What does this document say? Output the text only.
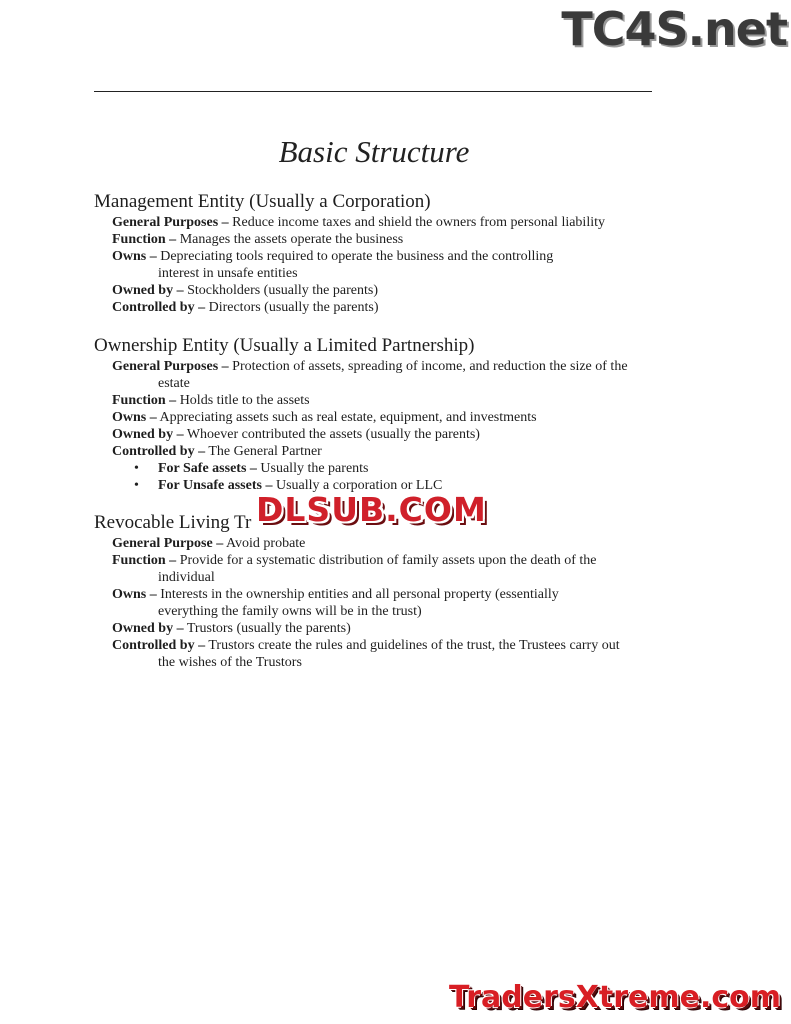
Basic Structure
Management Entity (Usually a Corporation)
General Purposes – Reduce income taxes and shield the owners from personal liability
Function – Manages the assets operate the business
Owns – Depreciating tools required to operate the business and the controlling interest in unsafe entities
Owned by – Stockholders (usually the parents)
Controlled by – Directors (usually the parents)
Ownership Entity (Usually a Limited Partnership)
General Purposes – Protection of assets, spreading of income, and reduction the size of the estate
Function – Holds title to the assets
Owns – Appreciating assets such as real estate, equipment, and investments
Owned by – Whoever contributed the assets (usually the parents)
Controlled by – The General Partner
• For Safe assets – Usually the parents
• For Unsafe assets – Usually a corporation or LLC
Revocable Living Tr
General Purpose – Avoid probate
Function – Provide for a systematic distribution of family assets upon the death of the individual
Owns – Interests in the ownership entities and all personal property (essentially everything the family owns will be in the trust)
Owned by – Trustors (usually the parents)
Controlled by – Trustors create the rules and guidelines of the trust, the Trustees carry out the wishes of the Trustors
TC4S.net
DLSUB.COM
TradersXtreme.com
